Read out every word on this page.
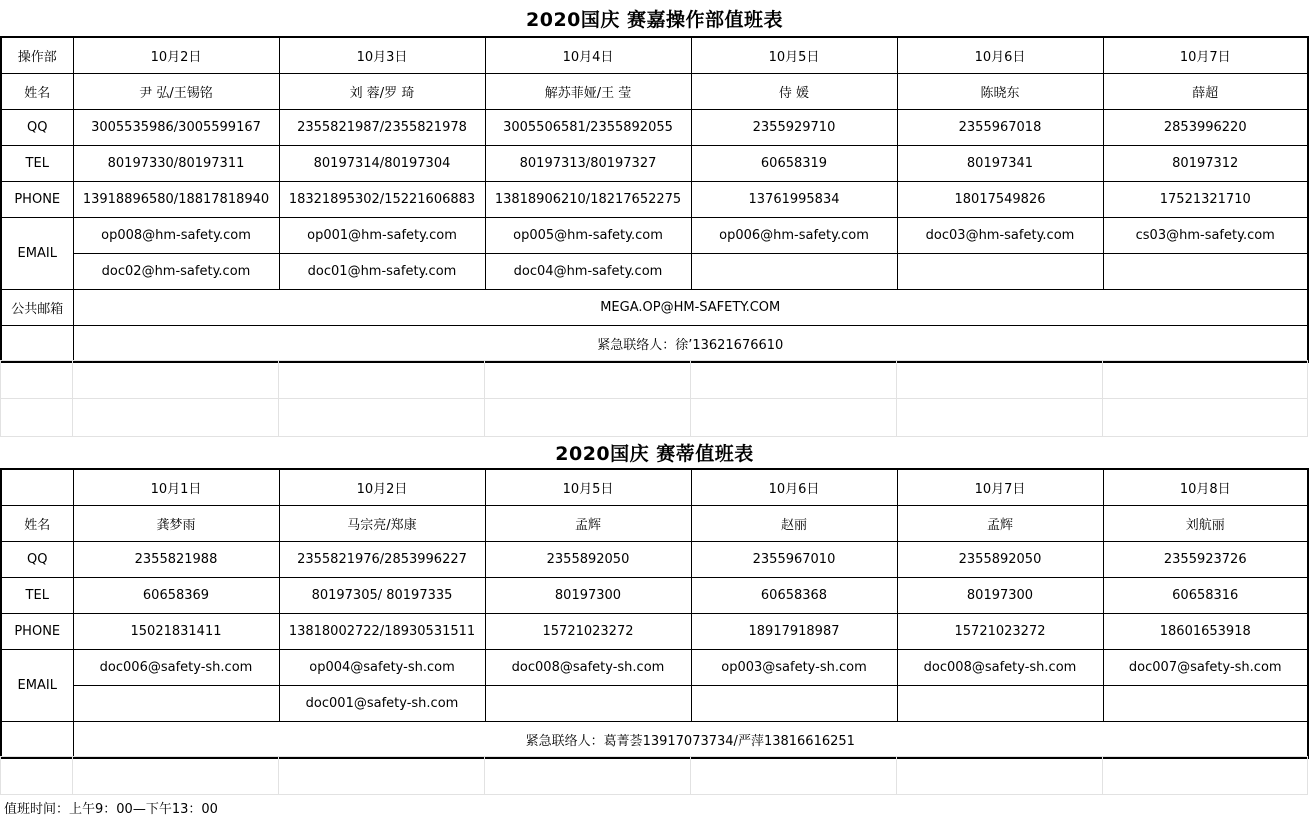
2020国庆 赛嘉操作部值班表
操作部	10月2日	10月3日	10月4日	10月5日	10月6日	10月7日
姓名	尹 弘/王锡铭	刘 蓉/罗 琦	解苏菲娅/王 莹	侍 媛	陈晓东	薛超
QQ	3005535986/3005599167	2355821987/2355821978	3005506581/2355892055	2355929710	2355967018	2853996220
TEL	80197330/80197311	80197314/80197304	80197313/80197327	60658319	80197341	80197312
PHONE	13918896580/18817818940	18321895302/15221606883	13818906210/18217652275	13761995834	18017549826	17521321710
EMAIL	op008@hm-safety.com	op001@hm-safety.com	op005@hm-safety.com	op006@hm-safety.com	doc03@hm-safety.com	cs03@hm-safety.com
	doc02@hm-safety.com	doc01@hm-safety.com	doc04@hm-safety.com			
公共邮箱	MEGA.OP@HM-SAFETY.COM					
	紧急联络人：徐’13621676610					

2020国庆 赛蒂值班表
	10月1日	10月2日	10月5日	10月6日	10月7日	10月8日
姓名	龚梦雨	马宗亮/郑康	孟辉	赵丽	孟辉	刘航丽
QQ	2355821988	2355821976/2853996227	2355892050	2355967010	2355892050	2355923726
TEL	60658369	80197305/ 80197335	80197300	60658368	80197300	60658316
PHONE	15021831411	13818002722/18930531511	15721023272	18917918987	15721023272	18601653918
EMAIL	doc006@safety-sh.com	op004@safety-sh.com	doc008@safety-sh.com	op003@safety-sh.com	doc008@safety-sh.com	doc007@safety-sh.com
		doc001@safety-sh.com				
	紧急联络人：葛菁荟13917073734/严萍13816616251					

值班时间：上午9：00—下午13：00
